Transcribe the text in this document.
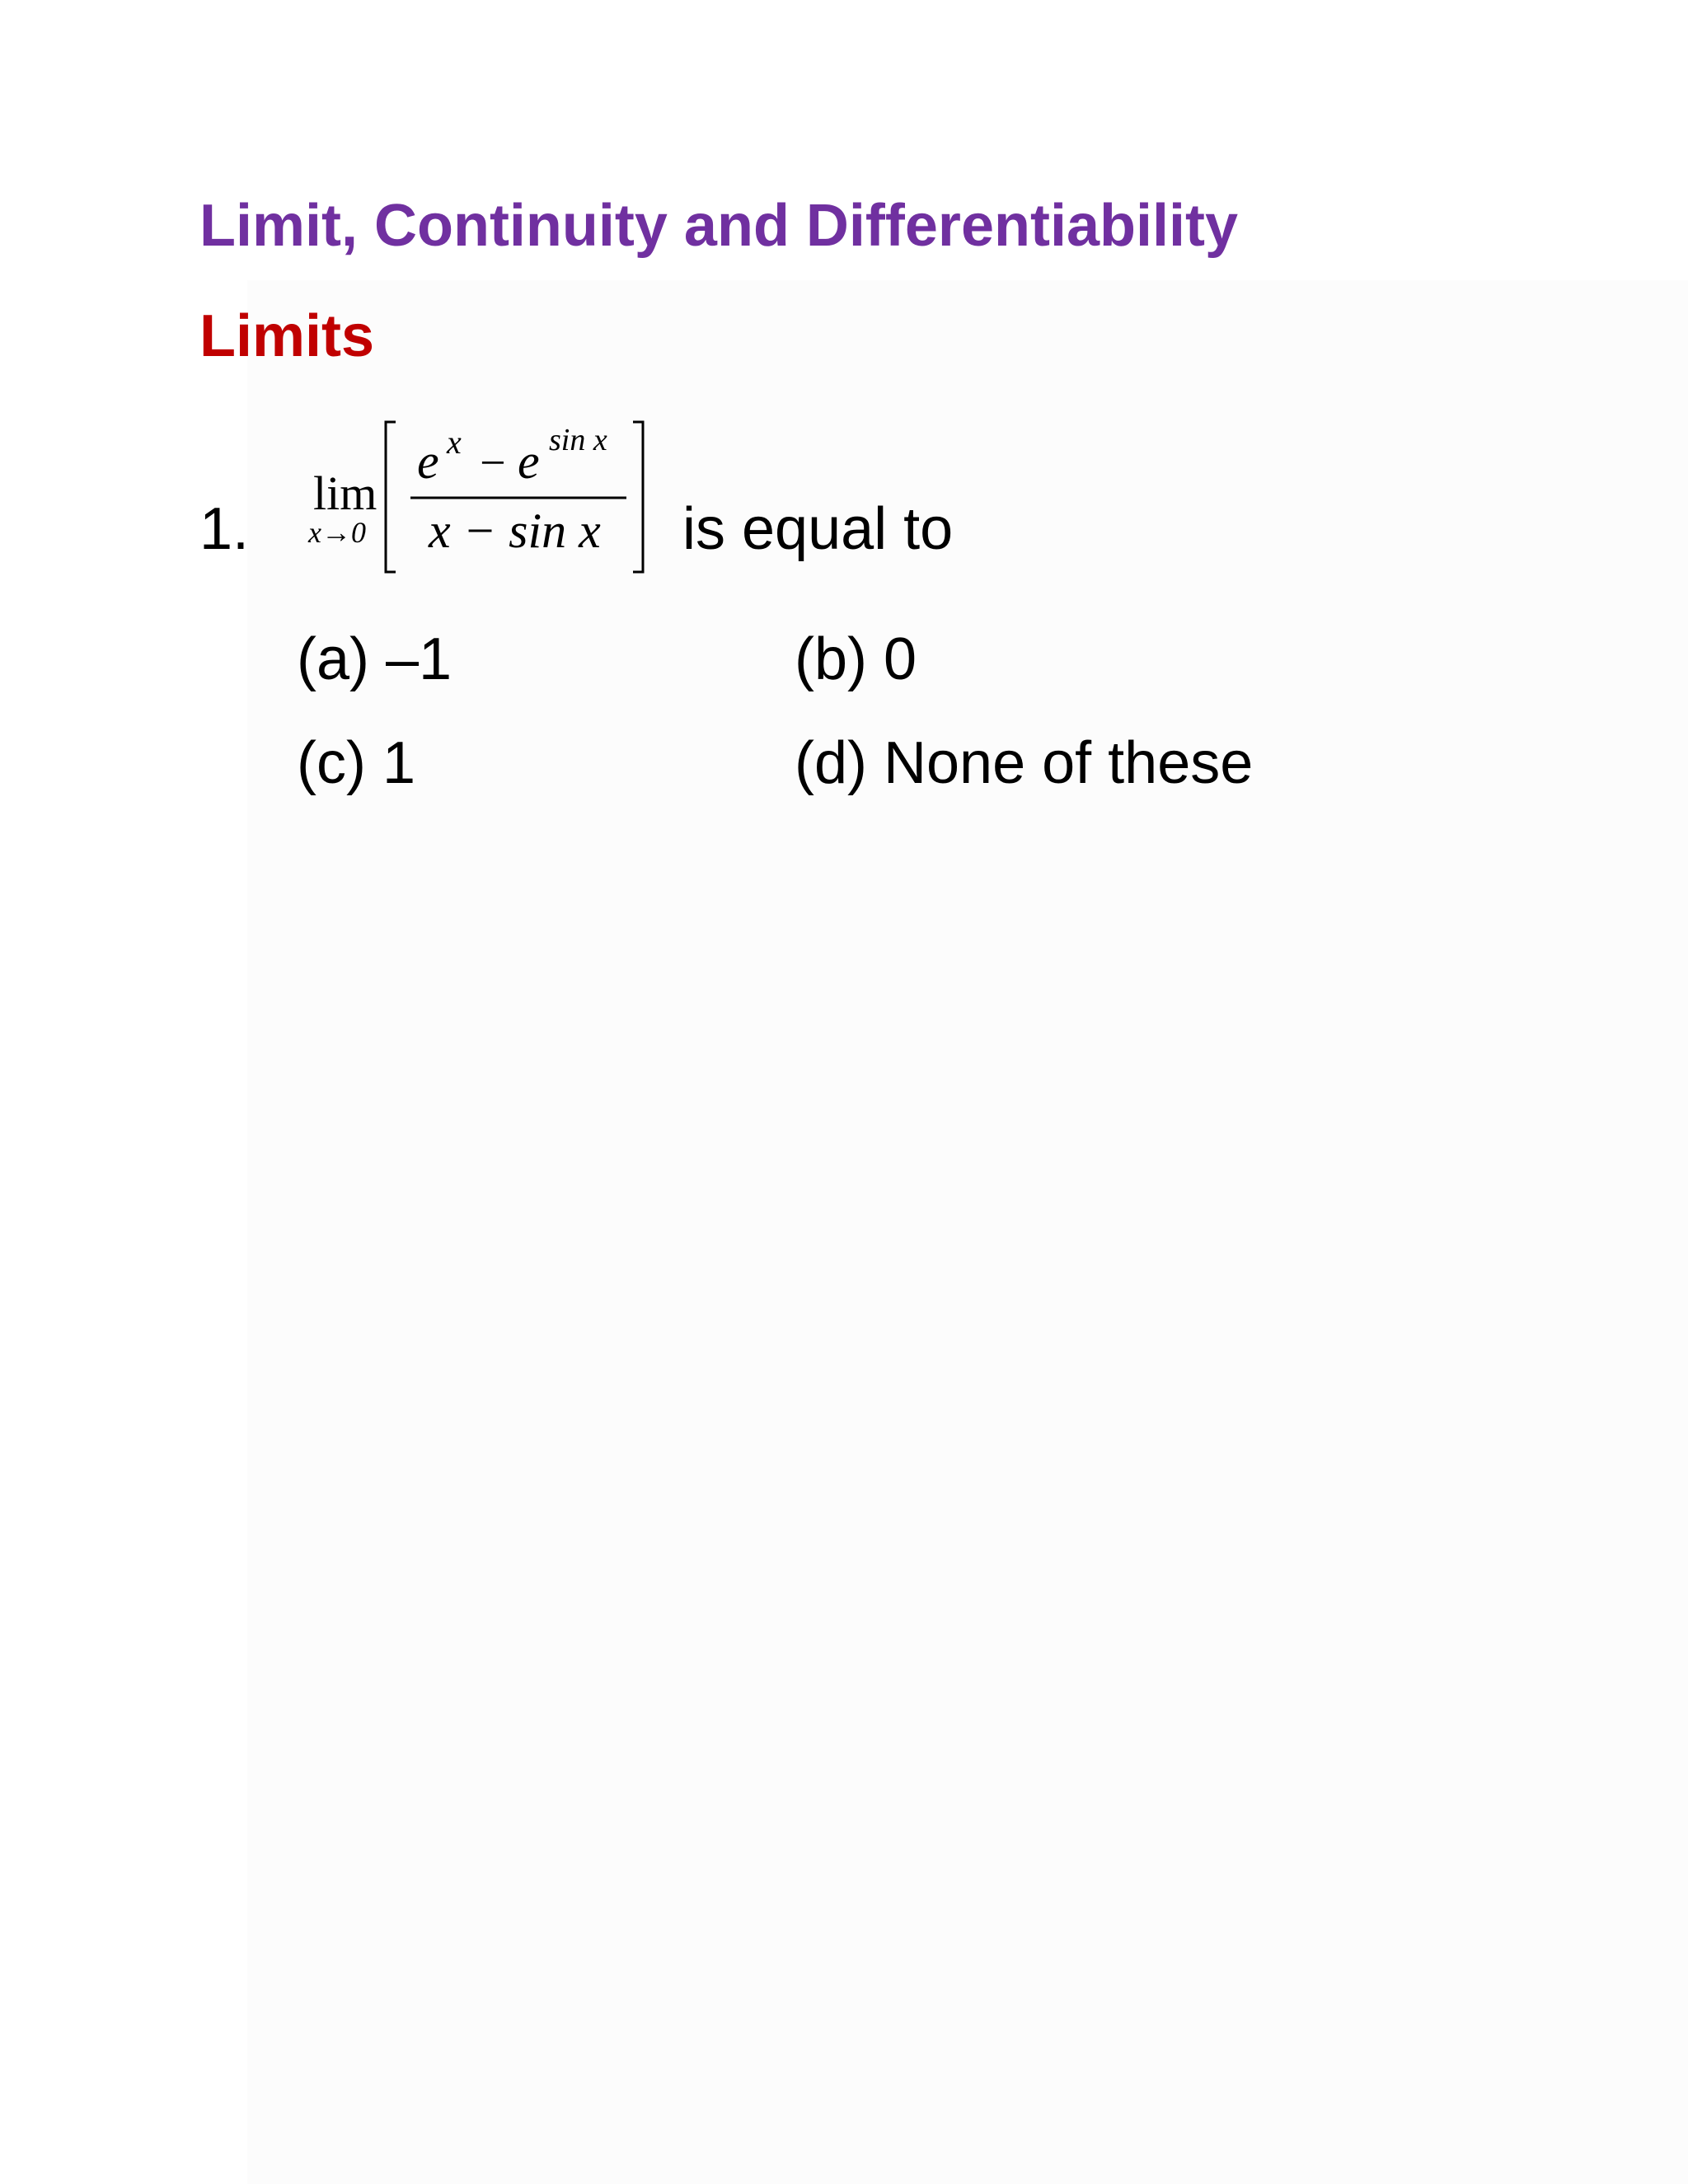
Limit, Continuity and Differentiability
Limits
1.
lim
x→0
e x − e sin x
x − sin x is equal to
(a) –1	(b) 0
(c) 1	(d) None of these
